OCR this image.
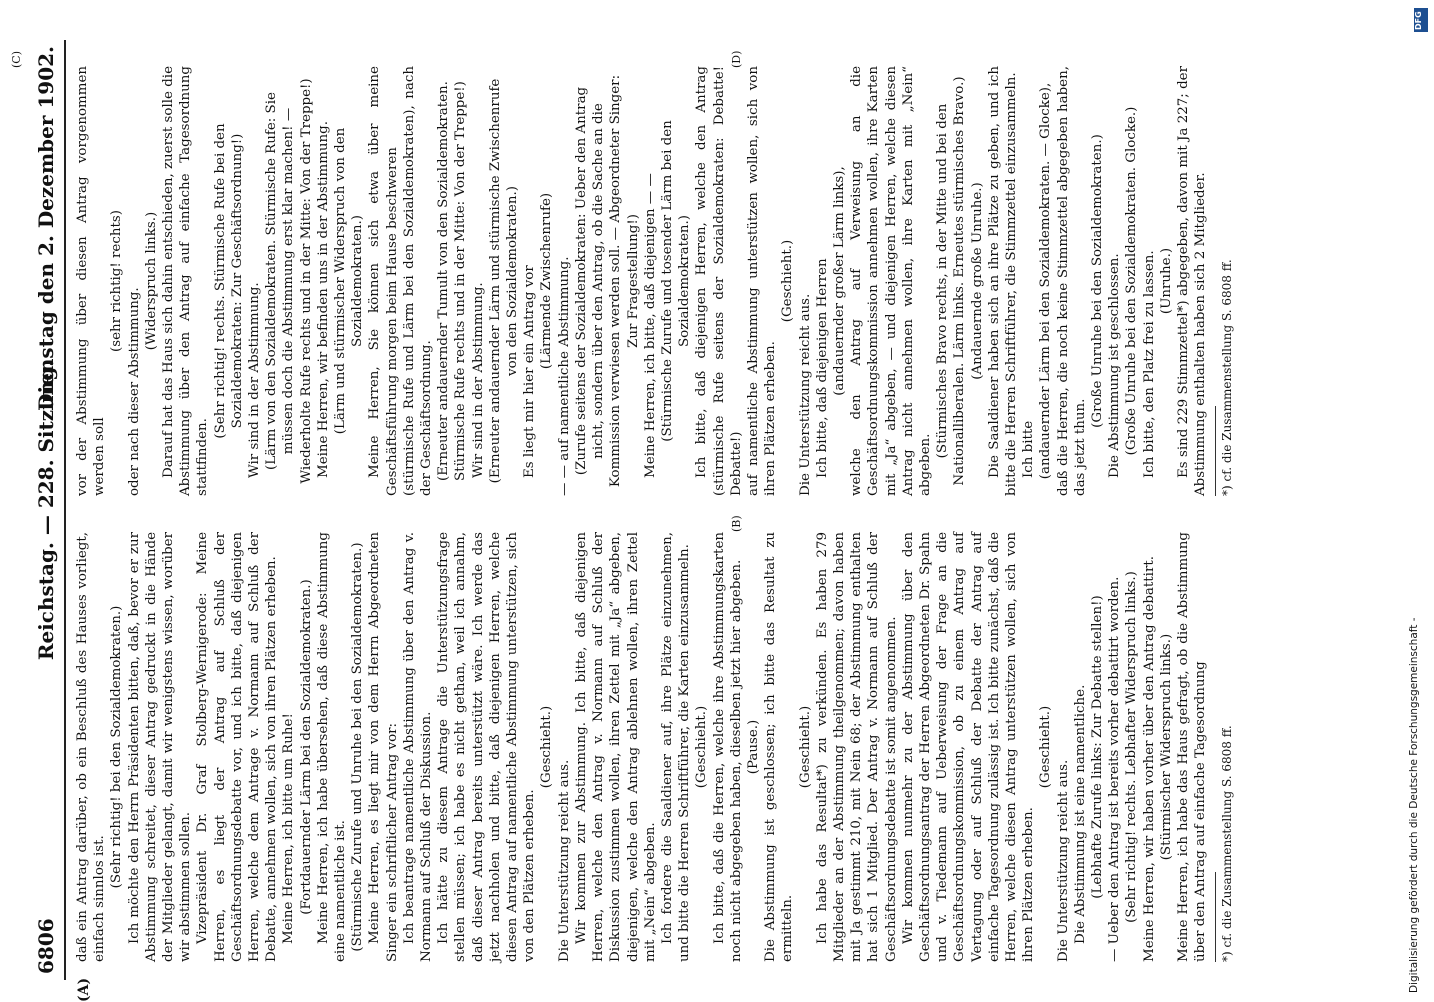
6806
Reichstag. — 228. Sitzung.
Dienstag den 2. Dezember 1902.
(A)
(B)
(C)	(D)

daß ein Antrag darüber, ob ein Beschluß des Hauses vorliegt, einfach sinnlos ist.

(Sehr richtig! bei den Sozialdemokraten.) Ich möchte den Herrn Präsidenten bitten, daß, bevor er zur Abstimmung schreitet, dieser Antrag gedruckt in die Hände der Mitglieder gelangt, damit wir wenigstens wissen, worüber wir abstimmen sollen. Vizepräsident Dr. Graf Stolberg-Wernigerode: Meine Herren, es liegt der Antrag auf Schluß der Geschäftsordnungsdebatte vor, und ich bitte, daß diejenigen Herren, welche dem Antrage v. Normann auf Schluß der Debatte, annehmen wollen, sich von ihren Plätzen erheben. Meine Herren, ich bitte um Ruhe! (Fortdauernder Lärm bei den Sozialdemokraten.) Meine Herren, ich habe übersehen, daß diese Abstimmung eine namentliche ist. (Stürmische Zurufe und Unruhe bei den Sozialdemokraten.) Meine Herren, es liegt mir von dem Herrn Abgeordneten Singer ein schriftlicher Antrag vor: Ich beantrage namentliche Abstimmung über den Antrag v. Normann auf Schluß der Diskussion. Ich hätte zu diesem Antrage die Unterstützungsfrage stellen müssen; ich habe es nicht gethan, weil ich annahm, daß dieser Antrag bereits unterstützt wäre. Ich werde das jetzt nachholen und bitte, daß diejenigen Herren, welche diesen Antrag auf namentliche Abstimmung unterstützen, sich von den Plätzen erheben.

(Geschieht.)

Die Unterstützung reicht aus. Wir kommen zur Abstimmung. Ich bitte, daß diejenigen Herren, welche den Antrag v. Normann auf Schluß der Diskussion zustimmen wollen, ihren Zettel mit „Ja“ abgeben, diejenigen, welche den Antrag ablehnen wollen, ihren Zettel mit „Nein“ abgeben. Ich fordere die Saaldiener auf, ihre Plätze einzunehmen, und bitte die Herren Schriftführer, die Karten einzusammeln. (Geschieht.) Ich bitte, daß die Herren, welche ihre Abstimmungskarten noch nicht abgegeben haben, dieselben jetzt hier abgeben. (Pause.) Die Abstimmung ist geschlossen; ich bitte das Resultat zu ermitteln.

(Geschieht.) Ich habe das Resultat*) zu verkünden. Es haben 279 Mitglieder an der Abstimmung theilgenommen; davon haben mit Ja gestimmt 210, mit Nein 68; der Abstimmung enthalten hat sich 1 Mitglied. Der Antrag v. Normann auf Schluß der Geschäftsordnungsdebatte ist somit angenommen. Wir kommen nunmehr zu der Abstimmung über den Geschäftsordnungsantrag der Herren Abgeordneten Dr. Spahn und v. Tiedemann auf Ueberweisung der Frage an die Geschäftsordnungskommission, ob zu einem Antrag auf Vertagung oder auf Schluß der Debatte der Antrag auf einfache Tagesordnung zulässig ist. Ich bitte zunächst, daß die Herren, welche diesen Antrag unterstützen wollen, sich von ihren Plätzen erheben.

(Geschieht.)

Die Unterstützung reicht aus. Die Abstimmung ist eine namentliche. (Lebhafte Zurufe links: Zur Debatte stellen!) — Ueber den Antrag ist bereits vorher debattirt worden. (Sehr richtig! rechts. Lebhafter Widerspruch links.) Meine Herren, wir haben vorher über den Antrag debattirt. (Stürmischer Widerspruch links.) Meine Herren, ich habe das Haus gefragt, ob die Abstimmung über den Antrag auf einfache Tagesordnung *) cf. die Zusammenstellung S. 6808 ff.

vor der Abstimmung über diesen Antrag vorgenommen werden soll

(sehr richtig! rechts)

oder nach dieser Abstimmung.

(Widerspruch links.) Darauf hat das Haus sich dahin entschieden, zuerst solle die Abstimmung über den Antrag auf einfache Tagesordnung stattfinden.

(Sehr richtig! rechts. Stürmische Rufe bei den Sozialdemokraten: Zur Geschäftsordnung!) Wir sind in der Abstimmung. (Lärm von den Sozialdemokraten. Stürmische Rufe: Sie müssen doch die Abstimmung erst klar machen! — Wiederholte Rufe rechts und in der Mitte: Von der Treppe!) Meine Herren, wir befinden uns in der Abstimmung. (Lärm und stürmischer Widerspruch von den Sozialdemokraten.) Meine Herren, Sie können sich etwa über meine Geschäftsführung morgen beim Hause beschweren (stürmische Rufe und Lärm bei den Sozialdemokraten), nach der Geschäftsordnung. (Erneuter andauernder Tumult von den Sozialdemokraten. Stürmische Rufe rechts und in der Mitte: Von der Treppe!) Wir sind in der Abstimmung. (Erneuter andauernder Lärm und stürmische Zwischenrufe von den Sozialdemokraten.) Es liegt mir hier ein Antrag vor (Lärmende Zwischenrufe) — — auf namentliche Abstimmung. (Zurufe seitens der Sozialdemokraten: Ueber den Antrag nicht, sondern über den Antrag, ob die Sache an die Kommission verwiesen werden soll. — Abgeordneter Singer: Zur Fragestellung!) Meine Herren, ich bitte, daß diejenigen — — (Stürmische Zurufe und tosender Lärm bei den Sozialdemokraten.) Ich bitte, daß diejenigen Herren, welche den Antrag (stürmische Rufe seitens der Sozialdemokraten: Debatte! Debatte!) auf namentliche Abstimmung unterstützen wollen, sich von ihren Plätzen erheben.

(Geschieht.)

Die Unterstützung reicht aus. Ich bitte, daß diejenigen Herren (andauernder großer Lärm links), welche den Antrag auf Verweisung an die Geschäftsordnungskommission annehmen wollen, ihre Karten mit „Ja“ abgeben, — und diejenigen Herren, welche diesen Antrag nicht annehmen wollen, ihre Karten mit „Nein“ abgeben.

(Stürmisches Bravo rechts, in der Mitte und bei den Nationalliberalen. Lärm links. Erneutes stürmisches Bravo.) (Andauernde große Unruhe.) Die Saaldiener haben sich an ihre Plätze zu geben, und ich bitte die Herren Schriftführer, die Stimmzettel einzusammeln. Ich bitte (andauernder Lärm bei den Sozialdemokraten. — Glocke), daß die Herren, die noch keine Stimmzettel abgegeben haben, das jetzt thun.

(Große Unruhe bei den Sozialdemokraten.) Die Abstimmung ist geschlossen. (Große Unruhe bei den Sozialdemokraten. Glocke.) Ich bitte, den Platz frei zu lassen. (Unruhe.) Es sind 229 Stimmzettel*) abgegeben, davon mit Ja 227; der Abstimmung enthalten haben sich 2 Mitglieder. *) cf. die Zusammenstellung S. 6808 ff.

DFG
Digitalisierung gefördert durch die Deutsche Forschungsgemeinschaft -
